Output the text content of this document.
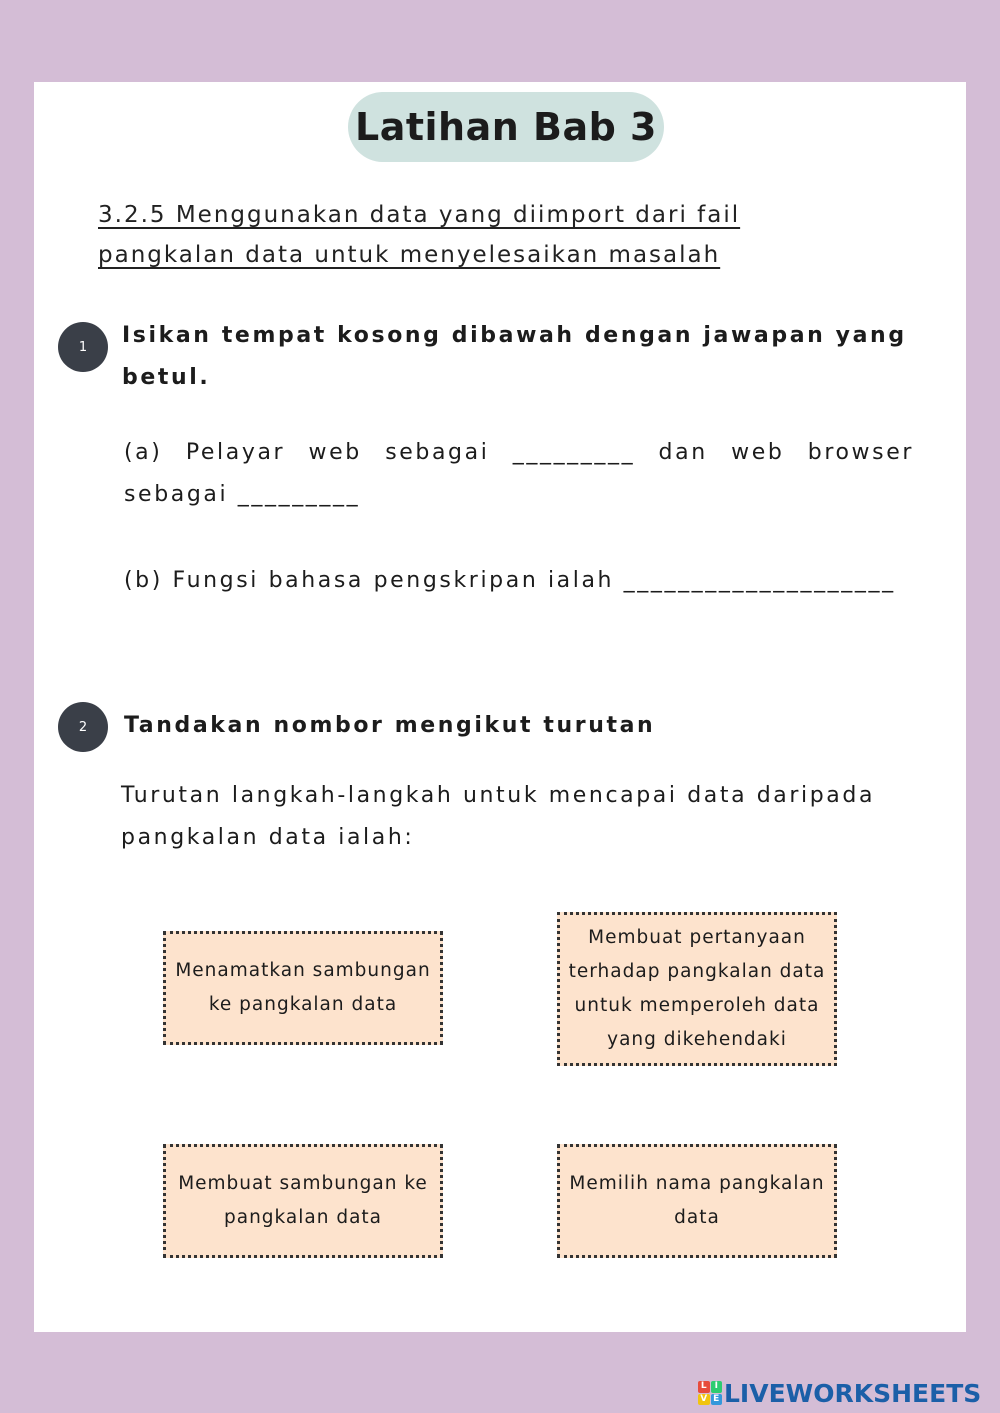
Latihan Bab 3
3.2.5 Menggunakan data yang diimport dari fail pangkalan data untuk menyelesaikan masalah
1	Isikan tempat kosong dibawah dengan jawapan yang betul.
(a) Pelayar web sebagai _________ dan web browser
sebagai _________
(b) Fungsi bahasa pengskripan ialah ____________________
2	Tandakan nombor mengikut turutan
Turutan langkah-langkah untuk mencapai data daripada pangkalan data ialah:
Menamatkan sambungan ke pangkalan data
Membuat pertanyaan terhadap pangkalan data untuk memperoleh data yang dikehendaki
Membuat sambungan ke pangkalan data
Memilih nama pangkalan data
L I
V E LIVEWORKSHEETS
